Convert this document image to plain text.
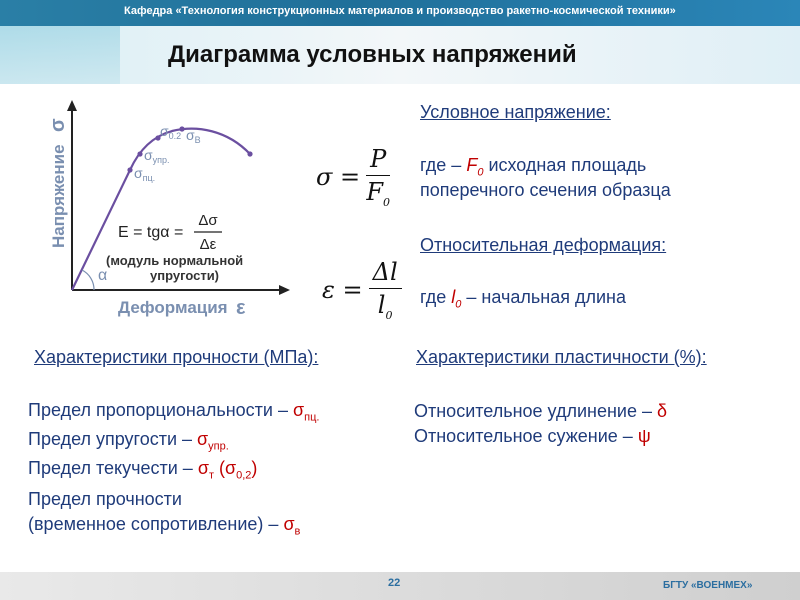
Кафедра «Технология конструкционных материалов и производство ракетно-космической техники»
Диаграмма условных напряжений
Напряжение
σ
Деформация ε
$\sigma_{0.2}$ $\sigma_B$
$\sigma_{упр.}$
$\sigma_{пц.}$
α
E = tgα =
Δσ
Δε
(модуль нормальной
упругости)
Условное напряжение:
$\sigma = \frac{P}{F_0}$ где – $F_0$ исходная площадь
поперечного сечения образца
Относительная деформация:
$\varepsilon = \frac{\Delta l}{l_0}$ где $l_0$ – начальная длина
Характеристики прочности (МПа):
Предел пропорциональности – $\sigma_{пц.}$
Предел упругости – $\sigma_{упр.}$
Предел текучести – $\sigma_т$ $(\sigma_{0,2})$
Предел прочности
(временное сопротивление) – $\sigma_в$
Характеристики пластичности (%):
Относительное удлинение – δ
Относительное сужение – ψ
22	БГТУ «ВОЕНМЕХ»
